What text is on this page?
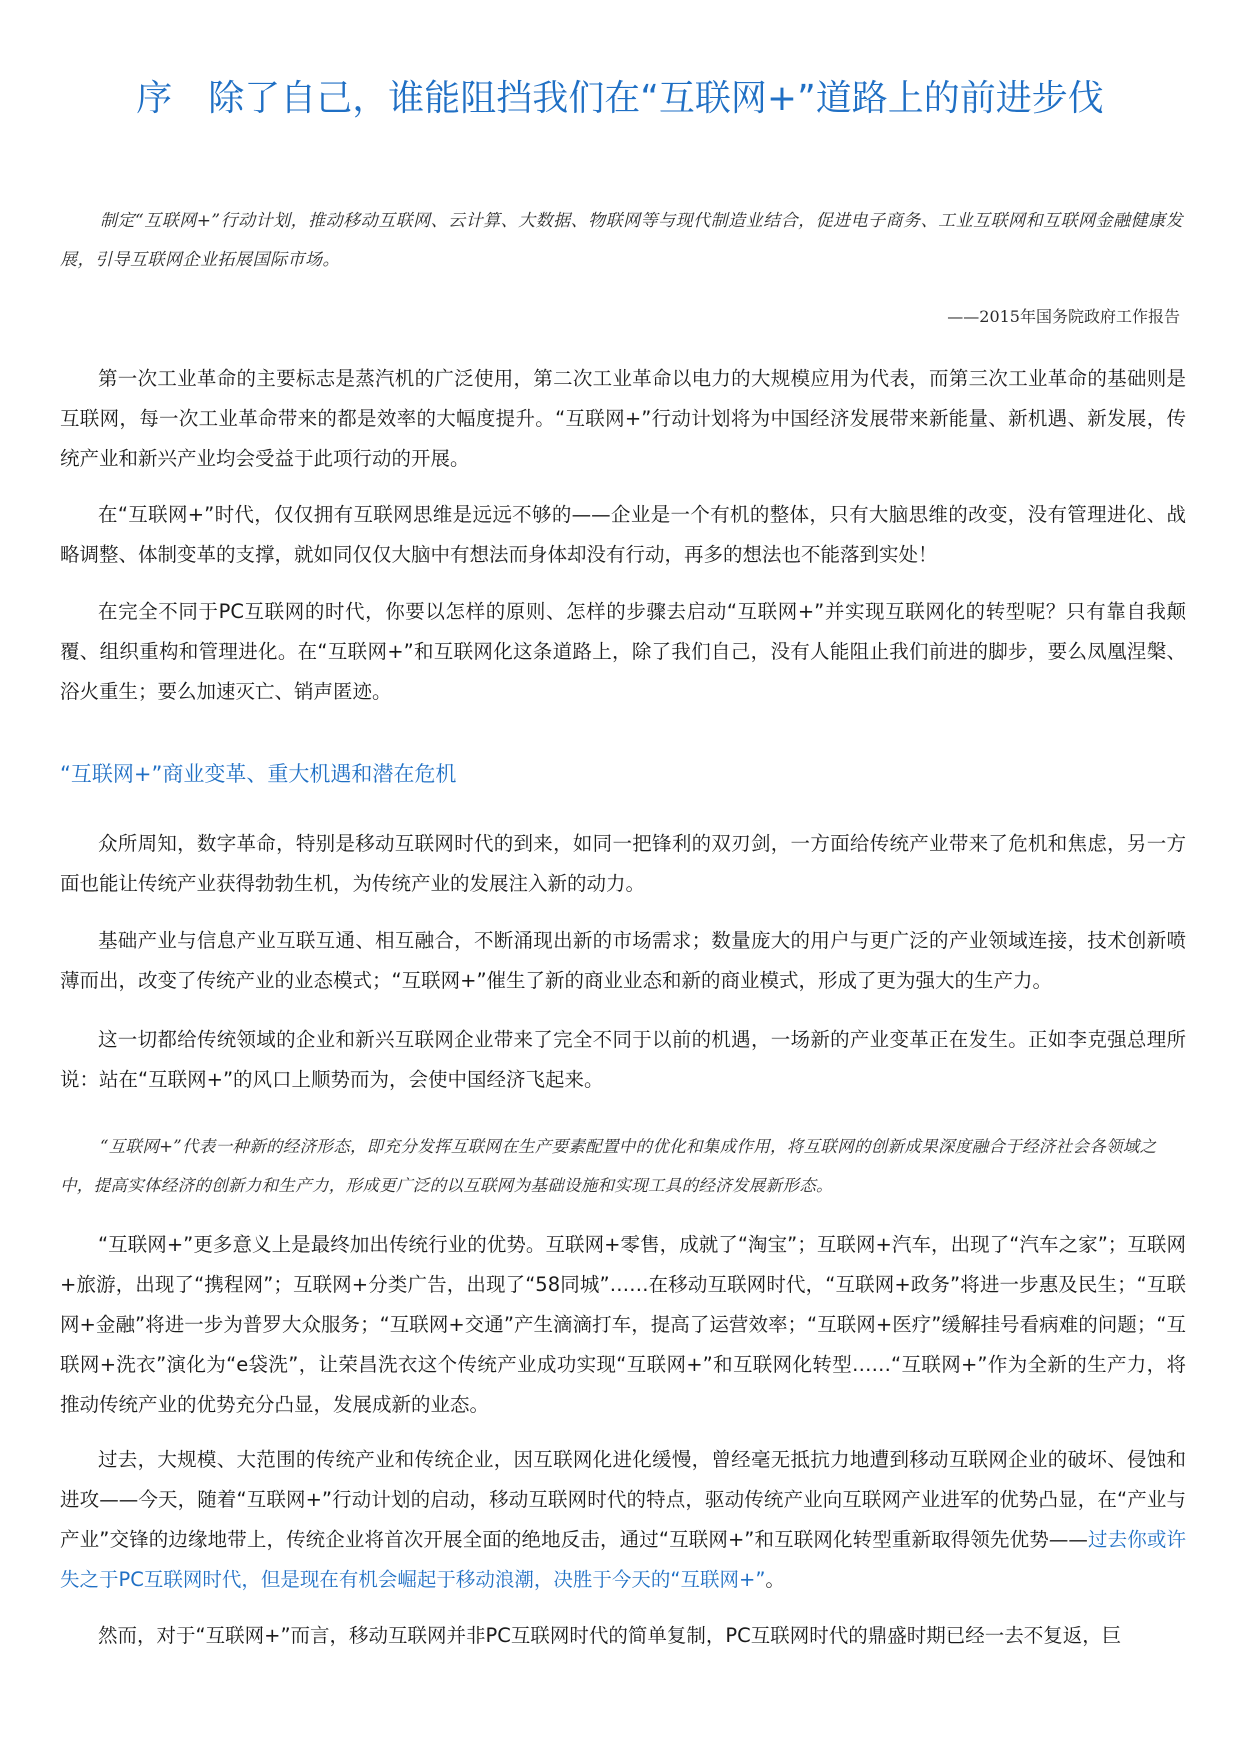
序　除了自己，谁能阻挡我们在“互联网+”道路上的前进步伐

制定“互联网+”行动计划，推动移动互联网、云计算、大数据、物联网等与现代制造业结合，促进电子商务、工业互联网和互联网金融健康发展，引导互联网企业拓展国际市场。

——2015年国务院政府工作报告

第一次工业革命的主要标志是蒸汽机的广泛使用，第二次工业革命以电力的大规模应用为代表，而第三次工业革命的基础则是互联网，每一次工业革命带来的都是效率的大幅度提升。“互联网+”行动计划将为中国经济发展带来新能量、新机遇、新发展，传统产业和新兴产业均会受益于此项行动的开展。

在“互联网+”时代，仅仅拥有互联网思维是远远不够的——企业是一个有机的整体，只有大脑思维的改变，没有管理进化、战略调整、体制变革的支撑，就如同仅仅大脑中有想法而身体却没有行动，再多的想法也不能落到实处！

在完全不同于PC互联网的时代，你要以怎样的原则、怎样的步骤去启动“互联网+”并实现互联网化的转型呢？只有靠自我颠覆、组织重构和管理进化。在“互联网+”和互联网化这条道路上，除了我们自己，没有人能阻止我们前进的脚步，要么凤凰涅槃、浴火重生；要么加速灭亡、销声匿迹。

“互联网+”商业变革、重大机遇和潜在危机

众所周知，数字革命，特别是移动互联网时代的到来，如同一把锋利的双刃剑，一方面给传统产业带来了危机和焦虑，另一方面也能让传统产业获得勃勃生机，为传统产业的发展注入新的动力。

基础产业与信息产业互联互通、相互融合，不断涌现出新的市场需求；数量庞大的用户与更广泛的产业领域连接，技术创新喷薄而出，改变了传统产业的业态模式；“互联网+”催生了新的商业业态和新的商业模式，形成了更为强大的生产力。

这一切都给传统领域的企业和新兴互联网企业带来了完全不同于以前的机遇，一场新的产业变革正在发生。正如李克强总理所说：站在“互联网+”的风口上顺势而为，会使中国经济飞起来。

“互联网+”代表一种新的经济形态，即充分发挥互联网在生产要素配置中的优化和集成作用，将互联网的创新成果深度融合于经济社会各领域之中，提高实体经济的创新力和生产力，形成更广泛的以互联网为基础设施和实现工具的经济发展新形态。

“互联网+”更多意义上是最终加出传统行业的优势。互联网+零售，成就了“淘宝”；互联网+汽车，出现了“汽车之家”；互联网+旅游，出现了“携程网”；互联网+分类广告，出现了“58同城”……在移动互联网时代，“互联网+政务”将进一步惠及民生；“互联网+金融”将进一步为普罗大众服务；“互联网+交通”产生滴滴打车，提高了运营效率；“互联网+医疗”缓解挂号看病难的问题；“互联网+洗衣”演化为“e袋洗”，让荣昌洗衣这个传统产业成功实现“互联网+”和互联网化转型……“互联网+”作为全新的生产力，将推动传统产业的优势充分凸显，发展成新的业态。

过去，大规模、大范围的传统产业和传统企业，因互联网化进化缓慢，曾经毫无抵抗力地遭到移动互联网企业的破坏、侵蚀和进攻——今天，随着“互联网+”行动计划的启动，移动互联网时代的特点，驱动传统产业向互联网产业进军的优势凸显，在“产业与产业”交锋的边缘地带上，传统企业将首次开展全面的绝地反击，通过“互联网+”和互联网化转型重新取得领先优势——过去你或许失之于PC互联网时代，但是现在有机会崛起于移动浪潮，决胜于今天的“互联网+”。

然而，对于“互联网+”而言，移动互联网并非PC互联网时代的简单复制，PC互联网时代的鼎盛时期已经一去不复返，巨
